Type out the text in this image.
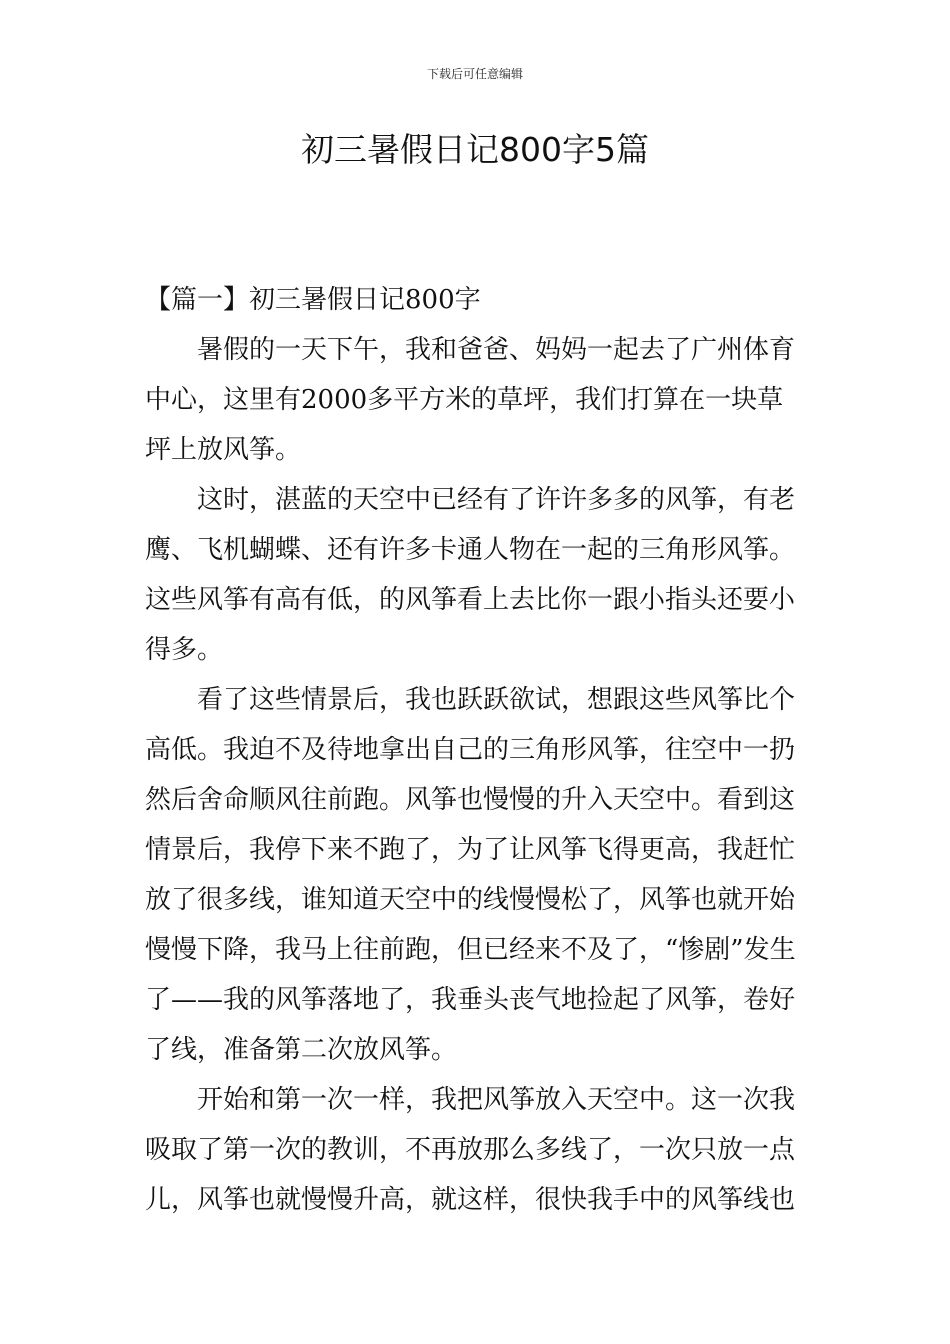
下载后可任意编辑
初三暑假日记800字5篇
【篇一】初三暑假日记800字

暑假的一天下午，我和爸爸、妈妈一起去了广州体育中心，这里有2000多平方米的草坪，我们打算在一块草坪上放风筝。

这时，湛蓝的天空中已经有了许许多多的风筝，有老鹰、飞机蝴蝶、还有许多卡通人物在一起的三角形风筝。这些风筝有高有低，的风筝看上去比你一跟小指头还要小得多。

看了这些情景后，我也跃跃欲试，想跟这些风筝比个高低。我迫不及待地拿出自己的三角形风筝，往空中一扔然后舍命顺风往前跑。风筝也慢慢的升入天空中。看到这情景后，我停下来不跑了，为了让风筝飞得更高，我赶忙放了很多线，谁知道天空中的线慢慢松了，风筝也就开始慢慢下降，我马上往前跑，但已经来不及了，“惨剧”发生了——我的风筝落地了，我垂头丧气地捡起了风筝，卷好了线，准备第二次放风筝。

开始和第一次一样，我把风筝放入天空中。这一次我吸取了第一次的教训，不再放那么多线了，一次只放一点儿，风筝也就慢慢升高，就这样，很快我手中的风筝线也
